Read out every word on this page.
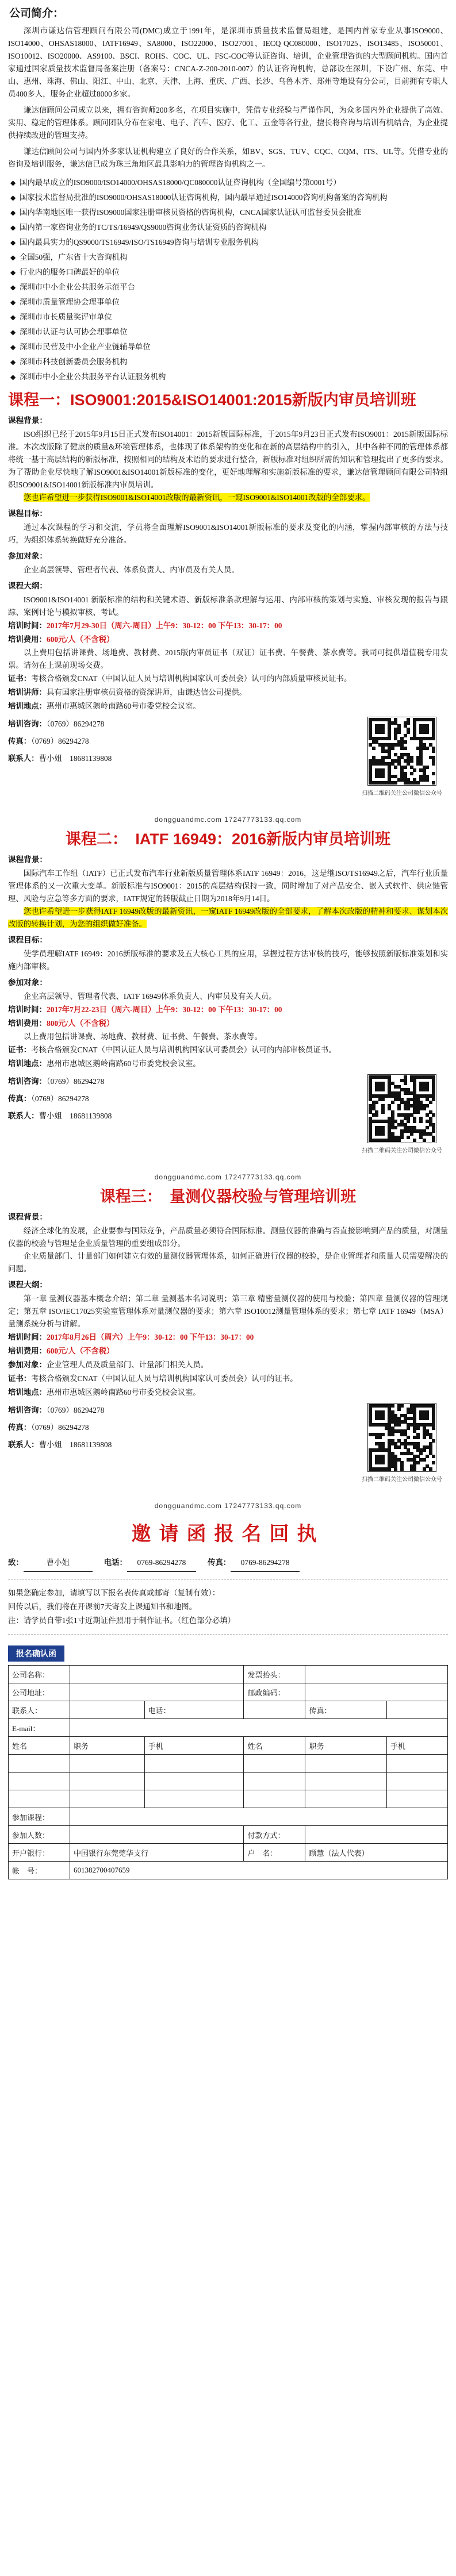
公司简介：

深圳市谦达信管理顾问有限公司(DMC)成立于1991年，是深圳市质量技术监督局组建，是国内首家专业从事ISO9000、ISO14000、OHSAS18000、IATF16949、SA8000、ISO22000、ISO27001、IECQ QC080000、ISO17025、ISO13485、ISO50001、ISO10012、ISO20000、AS9100、BSCI、ROHS、COC、UL、FSC-COC等认证咨询、培训，企业管理咨询的大型顾问机构。国内首家通过国家质量技术监督局备案注册（备案号：CNCA-Z-200-2010-007）的认证咨询机构，总部设在深圳，下设广州、东莞、中山、惠州、珠海、佛山、阳江、中山、北京、天津、上海、重庆、广西、长沙、乌鲁木齐、郑州等地设有分公司，目前拥有专职人员400多人，服务企业超过8000多家。

谦达信顾问公司成立以来，拥有咨询师200多名，在项目实施中，凭借专业经验与严谨作风，为众多国内外企业提供了高效、实用、稳定的管理体系。顾问团队分布在家电、电子、汽车、医疗、化工、五金等各行业，擅长将咨询与培训有机结合，为企业提供持续改进的管理支持。

谦达信顾问公司与国内外多家认证机构建立了良好的合作关系，如BV、SGS、TUV、CQC、CQM、ITS、UL等。凭借专业的咨询及培训服务，谦达信已成为珠三角地区最具影响力的管理咨询机构之一。

◆ 国内最早成立的ISO9000/ISO14000/OHSAS18000/QC080000认证咨询机构（全国编号第0001号）
◆ 国家技术监督局批准的ISO9000/OHSAS18000认证咨询机构，国内最早通过ISO14000咨询机构备案的咨询机构
◆ 国内华南地区唯一获得ISO9000国家注册审核员资格的咨询机构，CNCA国家认证认可监督委员会批准
◆ 国内第一家咨询业务的TC/TS/16949/QS9000咨询业务认证资质的咨询机构
◆ 国内最具实力的QS9000/TS16949/ISO/TS16949咨询与培训专业服务机构
◆ 全国50强，广东省十大咨询机构
◆ 行业内的服务口碑最好的单位
◆ 深圳市中小企业公共服务示范平台
◆ 深圳市质量管理协会理事单位
◆ 深圳市市长质量奖评审单位
◆ 深圳市认证与认可协会理事单位
◆ 深圳市民营及中小企业产业链辅导单位
◆ 深圳市科技创新委员会服务机构
◆ 深圳市中小企业公共服务平台认证服务机构
课程一：ISO9001:2015&ISO14001:2015新版内审员培训班
课程背景：

ISO组织已经于2015年9月15日正式发布ISO14001：2015新版国际标准，于2015年9月23日正式发布ISO9001：2015新版国际标准。本次改版除了健康的质量&环境管理体系，也体现了体系架构的变化和在新的高层结构中的引入，其中各种不同的管理体系都将统一基于高层结构的新版标准，按照相同的结构及术语的要求进行整合，新版标准对组织所需的知识和管理提出了更多的要求。为了帮助企业尽快地了解ISO9001&ISO14001新版标准的变化，更好地理解和实施新版标准的要求，谦达信管理顾问有限公司特组织ISO9001&ISO14001新版标准内审员培训。

您也许希望进一步获得ISO9001&ISO14001改版的最新资讯，一窥ISO9001&ISO14001改版的全部要求。

课程目标：

通过本次课程的学习和交流，学员将全面理解ISO9001&ISO14001新版标准的要求及变化的内涵，掌握内部审核的方法与技巧，为组织体系转换做好充分准备。

参加对象：

企业高层领导、管理者代表、体系负责人、内审员及有关人员。

课程大纲：

ISO9001&ISO14001 新版标准的结构和关键术语、新版标准条款理解与运用、内部审核的策划与实施、审核发现的报告与跟踪、案例讨论与模拟审核、考试。

培训时间：2017年7月29-30日（周六-周日）上午9：30-12：00 下午13：30-17：00
培训费用：600元/人（不含税）

以上费用包括讲课费、场地费、教材费、2015版内审员证书（双证）证书费、午餐费、茶水费等。我司可提供增值税专用发票。请勿在上课前现场交费。

证书：考核合格颁发CNAT（中国认证人员与培训机构国家认可委员会）认可的内部质量审核员证书。
培训讲师：具有国家注册审核员资格的资深讲师，由谦达信公司提供。
培训地点：惠州市惠城区鹅岭南路60号市委党校会议室。
培训咨询：（0769）86294278
传真：（0769）86294278
联系人：曹小姐　18681139808
扫描二维码关注公司微信公众号
dongguandmc.com 17247773133.qq.com
课程二：　IATF 16949：2016新版内审员培训班
课程背景：

国际汽车工作组（IATF）已正式发布汽车行业新版质量管理体系IATF 16949：2016，这是继ISO/TS16949之后，汽车行业质量管理体系的又一次重大变革。新版标准与ISO9001：2015的高层结构保持一致，同时增加了对产品安全、嵌入式软件、供应链管理、风险与应急等多方面的要求，IATF规定的转版截止日期为2018年9月14日。

您也许希望进一步获得IATF 16949改版的最新资讯，一窥IATF 16949改版的全部要求，了解本次改版的精神和要求、谋划本次改版的转换计划，为您的组织做好准备。

课程目标：

使学员理解IATF 16949：2016新版标准的要求及五大核心工具的应用，掌握过程方法审核的技巧，能够按照新版标准策划和实施内部审核。

参加对象：

企业高层领导、管理者代表、IATF 16949体系负责人、内审员及有关人员。

培训时间：2017年7月22-23日（周六-周日）上午9：30-12：00 下午13：30-17：00
培训费用：800元/人（不含税）

以上费用包括讲课费、场地费、教材费、证书费、午餐费、茶水费等。

证书：考核合格颁发CNAT（中国认证人员与培训机构国家认可委员会）认可的内部审核员证书。
培训地点：惠州市惠城区鹅岭南路60号市委党校会议室。
培训咨询：（0769）86294278
传真：（0769）86294278
联系人：曹小姐　18681139808
扫描二维码关注公司微信公众号
dongguandmc.com 17247773133.qq.com
课程三：　量测仪器校验与管理培训班
课程背景：

经济全球化的发展，企业要参与国际竞争，产品质量必须符合国际标准。测量仪器的准确与否直接影响到产品的质量，对测量仪器的校验与管理是企业质量管理的重要组成部分。

企业质量部门、计量部门如何建立有效的量测仪器管理体系，如何正确进行仪器的校验，是企业管理者和质量人员需要解决的问题。

课程大纲：

第一章 量测仪器基本概念介绍；第二章 量测基本名词说明；第三章 精密量测仪器的使用与校验；第四章 量测仪器的管理规定；第五章 ISO/IEC17025实验室管理体系对量测仪器的要求；第六章 ISO10012测量管理体系的要求；第七章 IATF 16949（MSA）量测系统分析与讲解。

培训时间：2017年8月26日（周六）上午9：30-12：00 下午13：30-17：00
培训费用：600元/人（不含税）
参加对象：企业管理人员及质量部门、计量部门相关人员。
证书：考核合格颁发CNAT（中国认证人员与培训机构国家认可委员会）认可的证书。
培训地点：惠州市惠城区鹅岭南路60号市委党校会议室。
培训咨询：（0769）86294278
传真：（0769）86294278
联系人：曹小姐　18681139808
扫描二维码关注公司微信公众号
dongguandmc.com 17247773133.qq.com
邀请函报名回执
致：	曹小姐	电话： 0769-86294278	传真： 0769-86294278

如果您确定参加，请填写以下报名表传真或邮寄（复制有效）：

回传以后，我们将在开课前7天寄发上课通知书和地图。

注：请学员自带1张1寸近期证件照用于制作证书。（红色部分必填）

报名确认函
公司名称：			发票抬头：		
公司地址：			邮政编码：		
联系人：		电话：		传真：	
E-mail：					
姓名	职务	手机	姓名	职务	手机

参加课程：					
参加人数：			付款方式：		
开户银行：	中国银行东莞莞华支行		户　名：	顾慧（法人代表）	
帐　号：	601382700407659				
